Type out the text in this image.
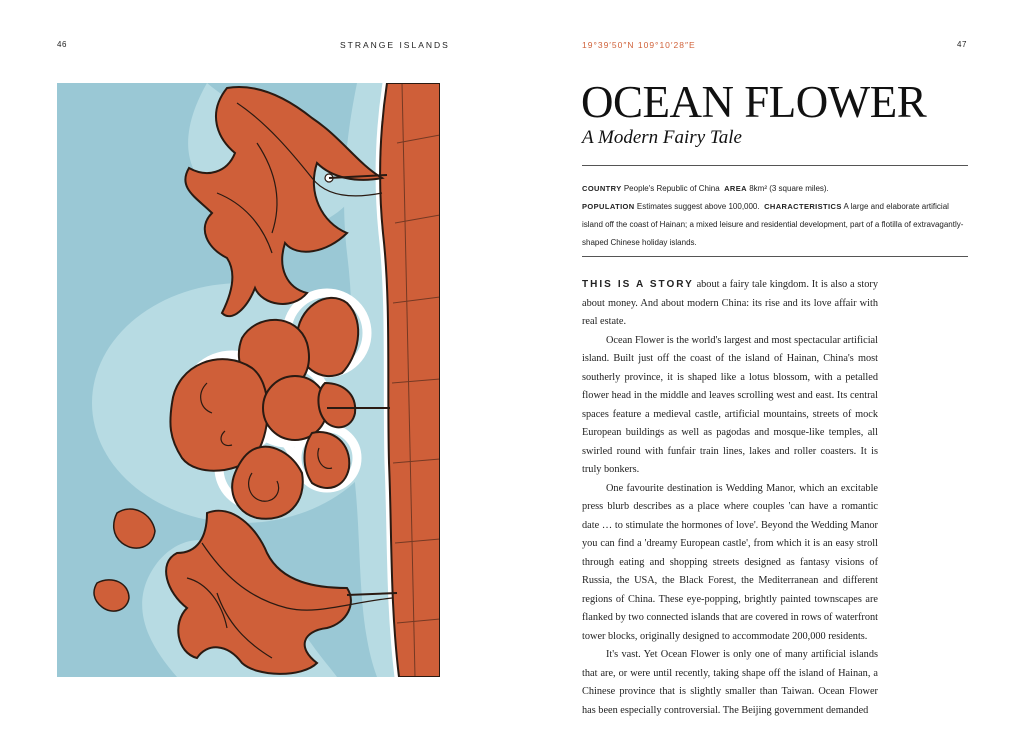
46	STRANGE ISLANDS	19°39′50″N 109°10′28″E	47
OCEAN FLOWER
A Modern Fairy Tale
COUNTRY People's Republic of China AREA 8km² (3 square miles).
POPULATION Estimates suggest above 100,000. CHARACTERISTICS A large and elaborate artificial island off the coast of Hainan; a mixed leisure and residential development, part of a flotilla of extravagantly-shaped Chinese holiday islands.

THIS IS A STORY about a fairy tale kingdom. It is also a story about money. And about modern China: its rise and its love affair with real estate.

Ocean Flower is the world's largest and most spectacular artificial island. Built just off the coast of the island of Hainan, China's most southerly province, it is shaped like a lotus blossom, with a petalled flower head in the middle and leaves scrolling west and east. Its central spaces feature a medieval castle, artificial mountains, streets of mock European buildings as well as pagodas and mosque-like temples, all swirled round with funfair train lines, lakes and roller coasters. It is truly bonkers.

One favourite destination is Wedding Manor, which an excitable press blurb describes as a place where couples 'can have a romantic date … to stimulate the hormones of love'. Beyond the Wedding Manor you can find a 'dreamy European castle', from which it is an easy stroll through eating and shopping streets designed as fantasy visions of Russia, the USA, the Black Forest, the Mediterranean and different regions of China. These eye-popping, brightly painted townscapes are flanked by two connected islands that are covered in rows of waterfront tower blocks, originally designed to accommodate 200,000 residents.

It's vast. Yet Ocean Flower is only one of many artificial islands that are, or were until recently, taking shape off the island of Hainan, a Chinese province that is slightly smaller than Taiwan. Ocean Flower has been especially controversial. The Beijing government demanded
